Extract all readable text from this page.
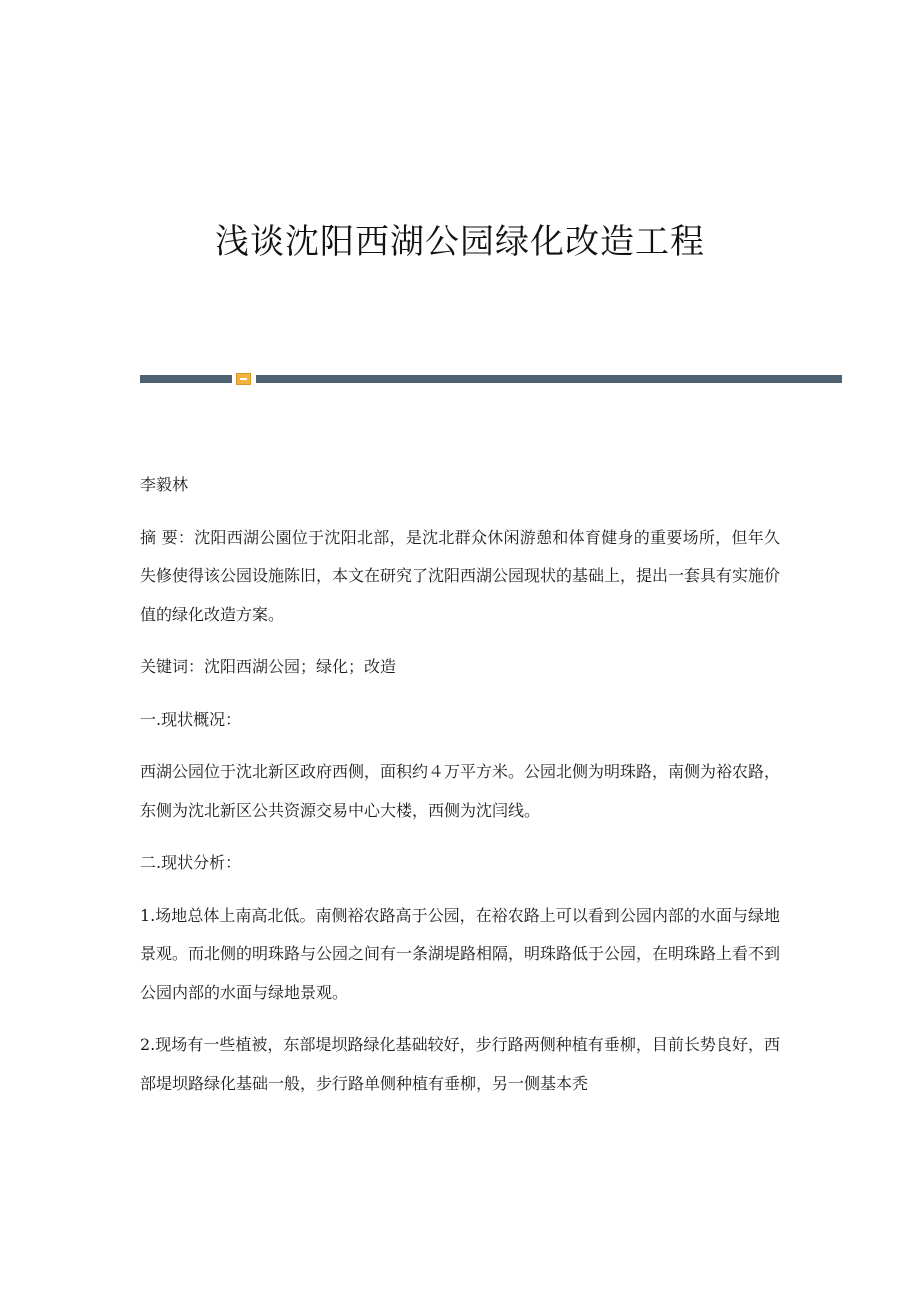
浅谈沈阳西湖公园绿化改造工程

李毅林

摘 要：沈阳西湖公園位于沈阳北部，是沈北群众休闲游憩和体育健身的重要场所，但年久失修使得该公园设施陈旧，本文在研究了沈阳西湖公园现状的基础上，提出一套具有实施价值的绿化改造方案。

关键词：沈阳西湖公园；绿化；改造

一.现状概况：

西湖公园位于沈北新区政府西侧，面积约４万平方米。公园北侧为明珠路，南侧为裕农路，东侧为沈北新区公共资源交易中心大楼，西侧为沈闫线。

二.现状分析：

1.场地总体上南高北低。南侧裕农路高于公园，在裕农路上可以看到公园内部的水面与绿地景观。而北侧的明珠路与公园之间有一条湖堤路相隔，明珠路低于公园，在明珠路上看不到公园内部的水面与绿地景观。

2.现场有一些植被，东部堤坝路绿化基础较好，步行路两侧种植有垂柳，目前长势良好，西部堤坝路绿化基础一般，步行路单侧种植有垂柳，另一侧基本秃
